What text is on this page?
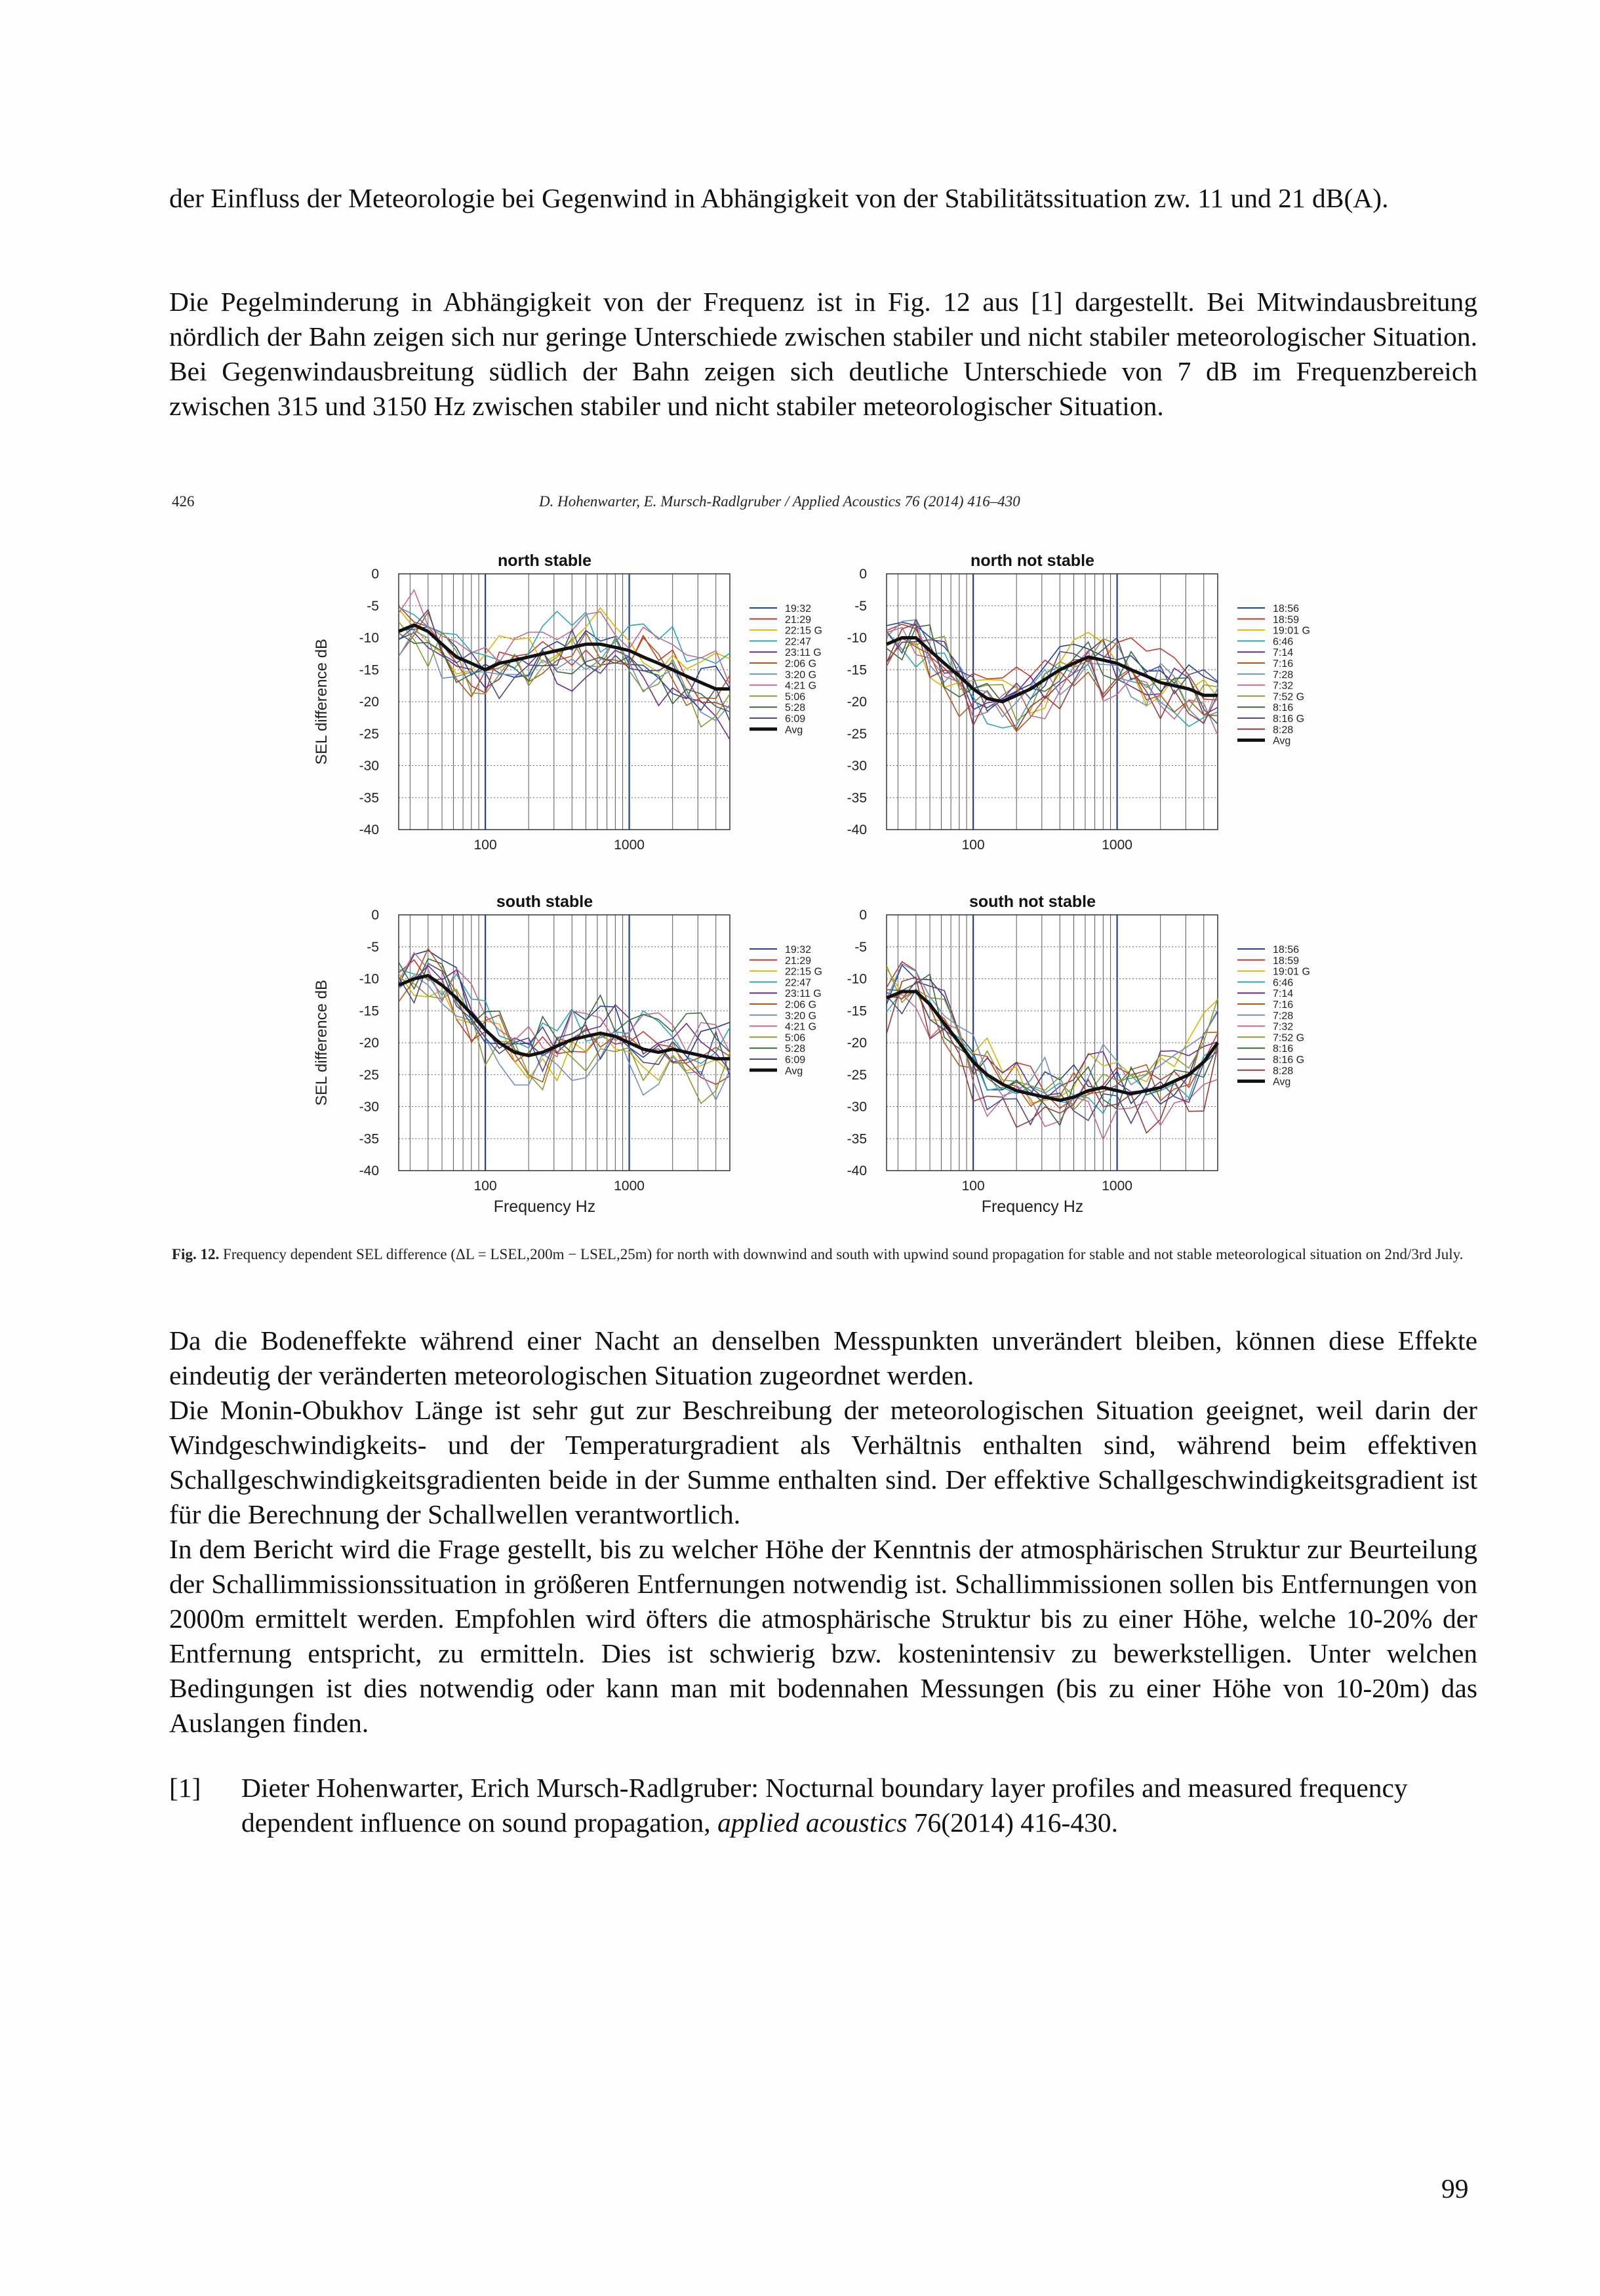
der Einfluss der Meteorologie bei Gegenwind in Abhängigkeit von der Stabilitätssituation zw. 11 und 21 dB(A).

Die Pegelminderung in Abhängigkeit von der Frequenz ist in Fig. 12 aus [1] dargestellt. Bei Mitwindausbreitung nördlich der Bahn zeigen sich nur geringe Unterschiede zwischen stabiler und nicht stabiler meteorologischer Situation. Bei Gegenwindausbreitung südlich der Bahn zeigen sich deutliche Unterschiede von 7 dB im Frequenzbereich zwischen 315 und 3150 Hz zwischen stabiler und nicht stabiler meteorologischer Situation.

426	D. Hohenwarter, E. Mursch-Radlgruber / Applied Acoustics 76 (2014) 416–430
0
-5
-10
-15
-20
-25
-30
-35
-40
100	1000
north stable
SEL difference dB
19:32
21:29
22:15 G
22:47
23:11 G
2:06 G
3:20 G
4:21 G
5:06
5:28
6:09
Avg
0
-5
-10
-15
-20
-25
-30
-35
-40
100	1000
north not stable
18:56
18:59
19:01 G
6:46
7:14
7:16
7:28
7:32
7:52 G
8:16
8:16 G
8:28
Avg
0
-5
-10
-15
-20
-25
-30
-35
-40
100	1000
south stable
SEL difference dB
Frequency Hz
19:32
21:29
22:15 G
22:47
23:11 G
2:06 G
3:20 G
4:21 G
5:06
5:28
6:09
Avg
0
-5
-10
-15
-20
-25
-30
-35
-40
100	1000
south not stable
Frequency Hz
18:56
18:59
19:01 G
6:46
7:14
7:16
7:28
7:32
7:52 G
8:16
8:16 G
8:28
Avg

Fig. 12. Frequency dependent SEL difference (ΔL = LSEL,200m − LSEL,25m) for north with downwind and south with upwind sound propagation for stable and not stable meteorological situation on 2nd/3rd July.

Da die Bodeneffekte während einer Nacht an denselben Messpunkten unverändert bleiben, können diese Effekte eindeutig der veränderten meteorologischen Situation zugeordnet werden.

Die Monin-Obukhov Länge ist sehr gut zur Beschreibung der meteorologischen Situation geeignet, weil darin der Windgeschwindigkeits- und der Temperaturgradient als Verhältnis enthalten sind, während beim effektiven Schallgeschwindigkeitsgradienten beide in der Summe enthalten sind. Der effektive Schallgeschwindigkeitsgradient ist für die Berechnung der Schallwellen verantwortlich.

In dem Bericht wird die Frage gestellt, bis zu welcher Höhe der Kenntnis der atmosphärischen Struktur zur Beurteilung der Schallimmissionssituation in größeren Entfernungen notwendig ist. Schallimmissionen sollen bis Entfernungen von 2000m ermittelt werden. Empfohlen wird öfters die atmosphärische Struktur bis zu einer Höhe, welche 10-20% der Entfernung entspricht, zu ermitteln. Dies ist schwierig bzw. kostenintensiv zu bewerkstelligen. Unter welchen Bedingungen ist dies notwendig oder kann man mit bodennahen Messungen (bis zu einer Höhe von 10-20m) das Auslangen finden.

[1] Dieter Hohenwarter, Erich Mursch-Radlgruber: Nocturnal boundary layer profiles and measured frequency dependent influence on sound propagation, applied acoustics 76(2014) 416-430.
99
